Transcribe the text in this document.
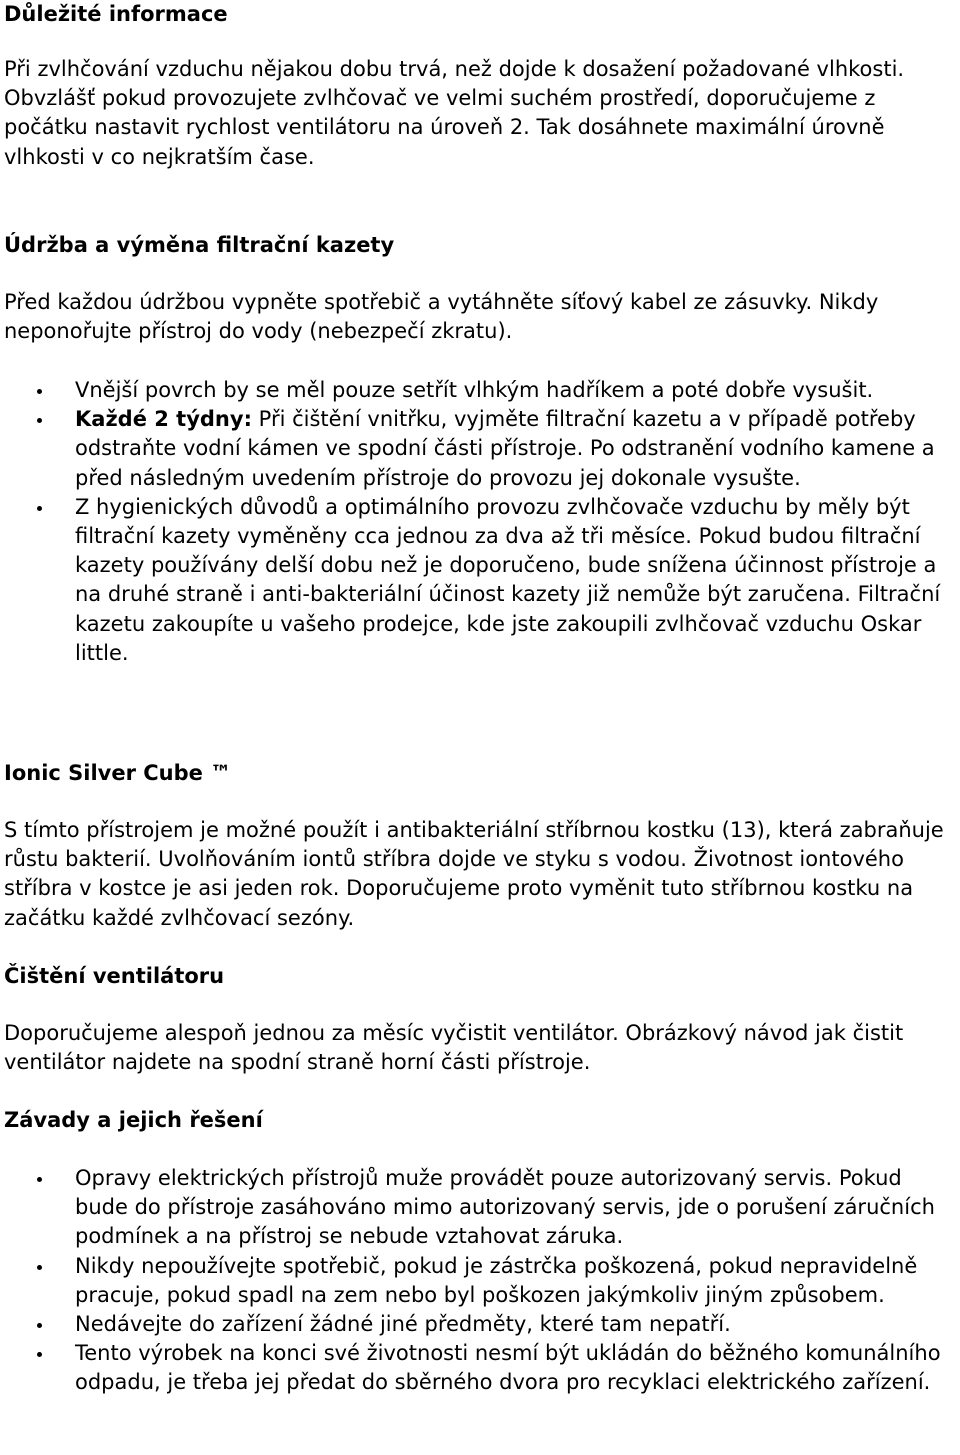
Důležité informace

Při zvlhčování vzduchu nějakou dobu trvá, než dojde k dosažení požadované vlhkosti. Obvzlášť pokud provozujete zvlhčovač ve velmi suchém prostředí, doporučujeme z počátku nastavit rychlost ventilátoru na úroveň 2. Tak dosáhnete maximální úrovně vlhkosti v co nejkratším čase.

Údržba a výměna filtrační kazety

Před každou údržbou vypněte spotřebič a vytáhněte síťový kabel ze zásuvky. Nikdy neponořujte přístroj do vody (nebezpečí zkratu).

Vnější povrch by se měl pouze setřít vlhkým hadříkem a poté dobře vysušit.
Každé 2 týdny: Při čištění vnitřku, vyjměte filtrační kazetu a v případě potřeby odstraňte vodní kámen ve spodní části přístroje. Po odstranění vodního kamene a před následným uvedením přístroje do provozu jej dokonale vysušte.
Z hygienických důvodů a optimálního provozu zvlhčovače vzduchu by měly být filtrační kazety vyměněny cca jednou za dva až tři měsíce. Pokud budou filtrační kazety používány delší dobu než je doporučeno, bude snížena účinnost přístroje a na druhé straně i anti-bakteriální účinost kazety již nemůže být zaručena. Filtrační kazetu zakoupíte u vašeho prodejce, kde jste zakoupili zvlhčovač vzduchu Oskar little.
Ionic Silver Cube ™

S tímto přístrojem je možné použít i antibakteriální stříbrnou kostku (13), která zabraňuje růstu bakterií. Uvolňováním iontů stříbra dojde ve styku s vodou. Životnost iontového stříbra v kostce je asi jeden rok. Doporučujeme proto vyměnit tuto stříbrnou kostku na začátku každé zvlhčovací sezóny.

Čištění ventilátoru

Doporučujeme alespoň jednou za měsíc vyčistit ventilátor. Obrázkový návod jak čistit ventilátor najdete na spodní straně horní části přístroje.

Závady a jejich řešení
Opravy elektrických přístrojů muže provádět pouze autorizovaný servis. Pokud bude do přístroje zasáhováno mimo autorizovaný servis, jde o porušení záručních podmínek a na přístroj se nebude vztahovat záruka.
Nikdy nepoužívejte spotřebič, pokud je zástrčka poškozená, pokud nepravidelně pracuje, pokud spadl na zem nebo byl poškozen jakýmkoliv jiným způsobem.
Nedávejte do zařízení žádné jiné předměty, které tam nepatří.
Tento výrobek na konci své životnosti nesmí být ukládán do běžného komunálního odpadu, je třeba jej předat do sběrného dvora pro recyklaci elektrického zařízení.
